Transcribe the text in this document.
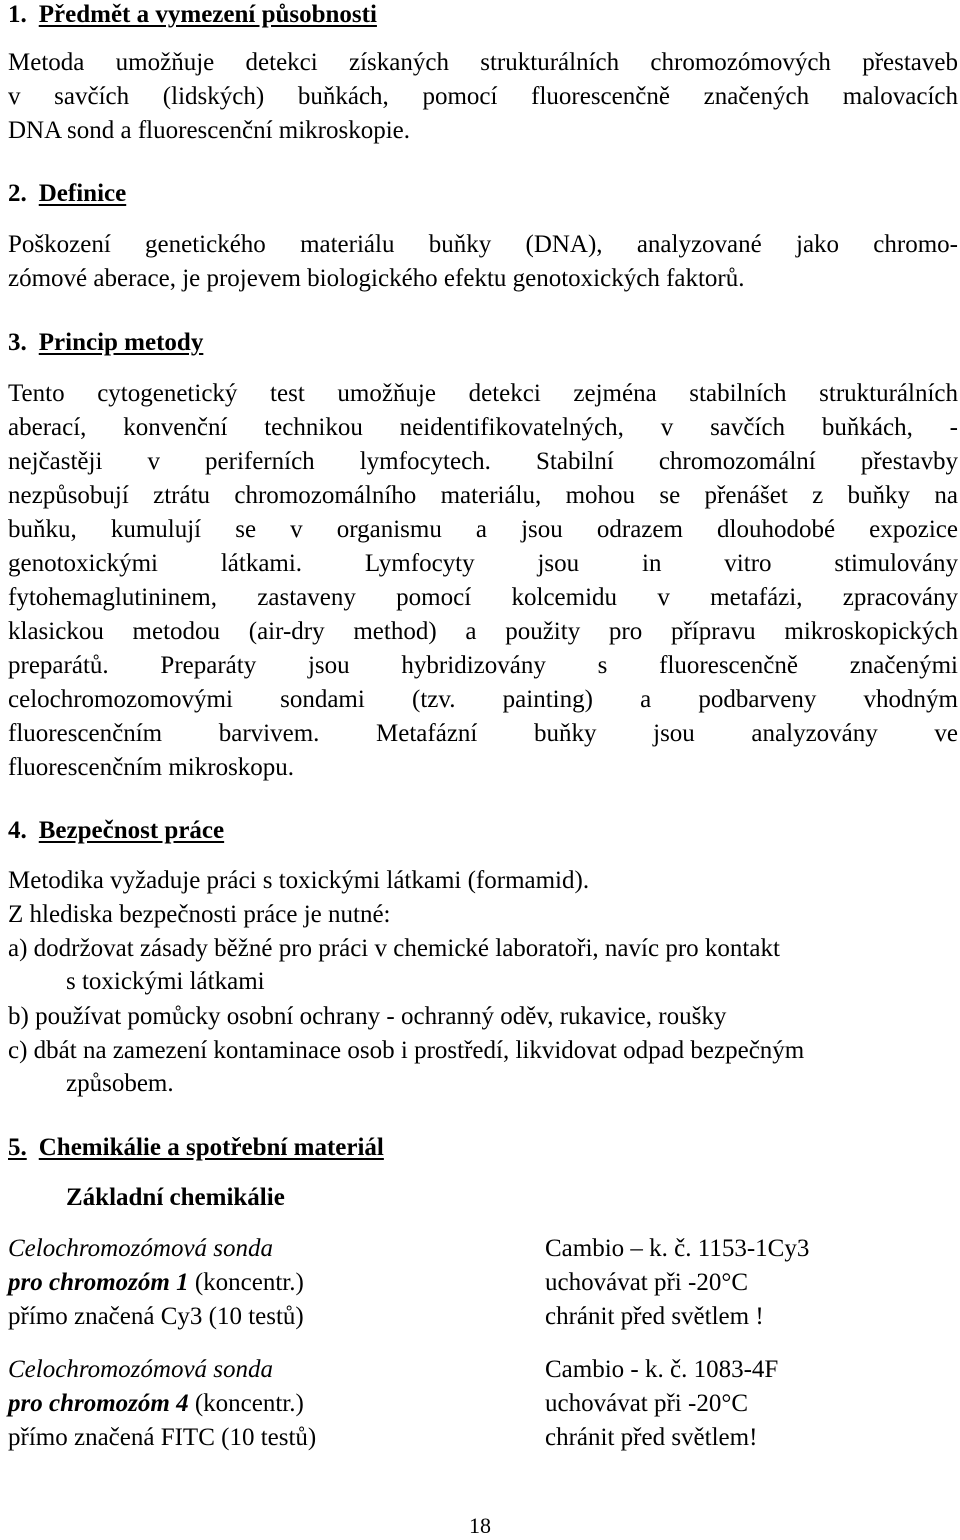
1. Předmět a vymezení působnosti
Metoda umožňuje detekci získaných strukturálních chromozómových přestaveb
v savčích (lidských) buňkách, pomocí fluorescenčně značených malovacích
DNA sond a fluorescenční mikroskopie.
2. Definice
Poškození genetického materiálu buňky (DNA), analyzované jako chromo-
zómové aberace, je projevem biologického efektu genotoxických faktorů.
3. Princip metody
Tento cytogenetický test umožňuje detekci zejména stabilních strukturálních
aberací, konvenční technikou neidentifikovatelných, v savčích buňkách, -
nejčastěji v periferních lymfocytech. Stabilní chromozomální přestavby
nezpůsobují ztrátu chromozomálního materiálu, mohou se přenášet z buňky na
buňku, kumulují se v organismu a jsou odrazem dlouhodobé expozice
genotoxickými látkami. Lymfocyty jsou in vitro stimulovány
fytohemaglutininem, zastaveny pomocí kolcemidu v metafázi, zpracovány
klasickou metodou (air-dry method) a použity pro přípravu mikroskopických
preparátů. Preparáty jsou hybridizovány s fluorescenčně značenými
celochromozomovými sondami (tzv. painting) a podbarveny vhodným
fluorescenčním barvivem. Metafázní buňky jsou analyzovány ve
fluorescenčním mikroskopu.
4. Bezpečnost práce
Metodika vyžaduje práci s toxickými látkami (formamid).
Z hlediska bezpečnosti práce je nutné:
a) dodržovat zásady běžné pro práci v chemické laboratoři, navíc pro kontakt
s toxickými látkami
b) používat pomůcky osobní ochrany - ochranný oděv, rukavice, roušky
c) dbát na zamezení kontaminace osob i prostředí, likvidovat odpad bezpečným
způsobem.
5. Chemikálie a spotřební materiál
Základní chemikálie
Celochromozómová sonda	Cambio – k. č. 1153-1Cy3
pro chromozóm 1 (koncentr.)	uchovávat při -20°C
přímo značená Cy3 (10 testů)	chránit před světlem !
Celochromozómová sonda	Cambio - k. č. 1083-4F
pro chromozóm 4 (koncentr.)	uchovávat při -20°C
přímo značená FITC (10 testů)	chránit před světlem!
18
